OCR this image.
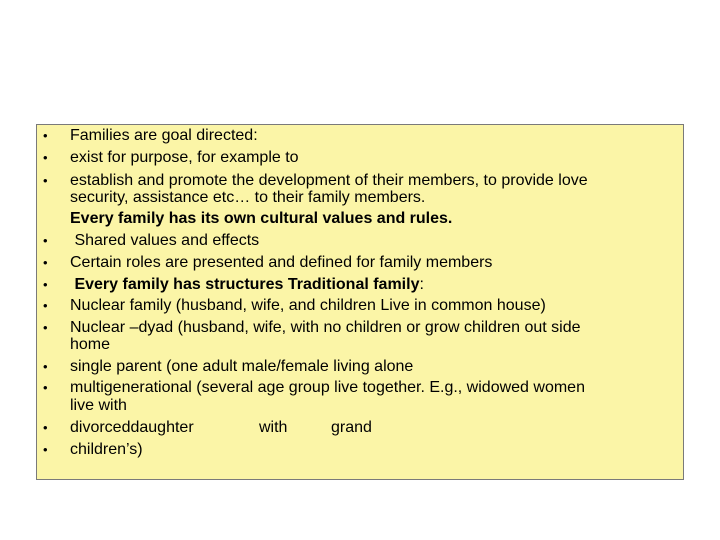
•	Families are goal directed:
•	exist for purpose, for example to
•	establish and promote the development of their members, to provide love
security, assistance etc… to their family members.
Every family has its own cultural values and rules.
•	Shared values and effects
•	Certain roles are presented and defined for family members
•	Every family has structures Traditional family:
•	Nuclear family (husband, wife, and children Live in common house)
•	Nuclear –dyad (husband, wife, with no children or grow children out side
home
•	single parent (one adult male/female living alone
•	multigenerational (several age group live together. E.g., widowed women
live with
•	divorceddaughter	with	grand
•	children’s)
